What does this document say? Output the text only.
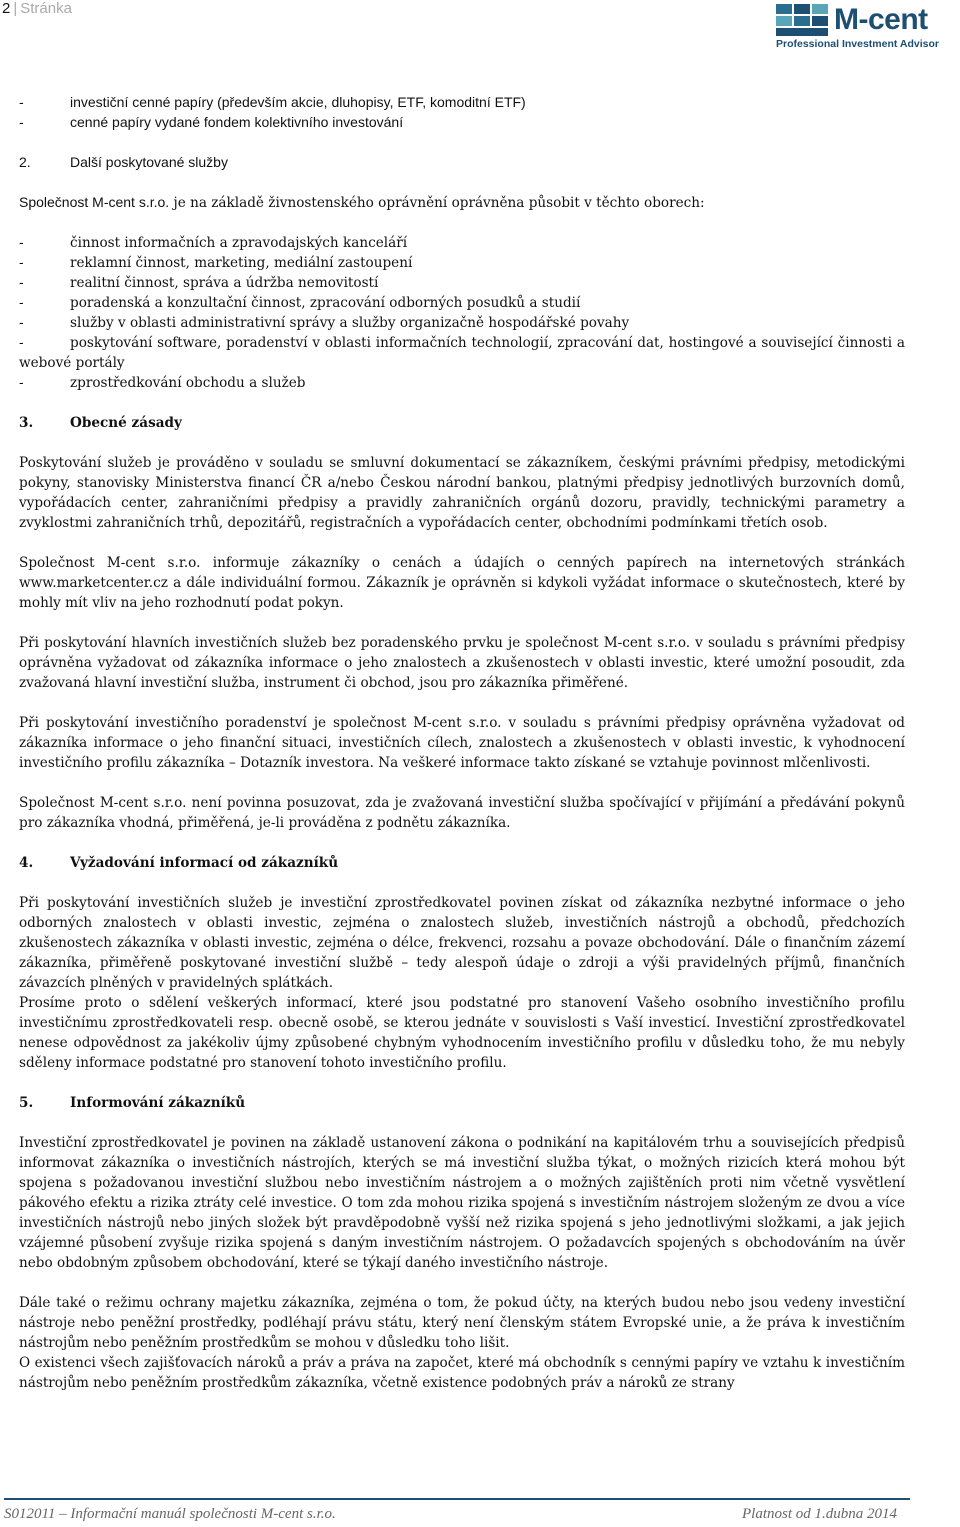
2 | Stránka	M-cent
Professional Investment Advisor
-	investiční cenné papíry (především akcie, dluhopisy, ETF, komoditní ETF)
-	cenné papíry vydané fondem kolektivního investování
2.	Další poskytované služby
Společnost M-cent s.r.o. je na základě živnostenského oprávnění oprávněna působit v těchto oborech:
-	činnost informačních a zpravodajských kanceláří
-	reklamní činnost, marketing, mediální zastoupení
-	realitní činnost, správa a údržba nemovitostí
-	poradenská a konzultační činnost, zpracování odborných posudků a studií
-	služby v oblasti administrativní správy a služby organizačně hospodářské povahy
-	poskytování software, poradenství v oblasti informačních technologií, zpracování dat, hostingové a související činnosti a webové portály
-	zprostředkování obchodu a služeb
3.	Obecné zásady
Poskytování služeb je prováděno v souladu se smluvní dokumentací se zákazníkem, českými právními předpisy, metodickými pokyny, stanovisky Ministerstva financí ČR a/nebo Českou národní bankou, platnými předpisy jednotlivých burzovních domů, vypořádacích center, zahraničními předpisy a pravidly zahraničních orgánů dozoru, pravidly, technickými parametry a zvyklostmi zahraničních trhů, depozitářů, registračních a vypořádacích center, obchodními podmínkami třetích osob.
Společnost M-cent s.r.o. informuje zákazníky o cenách a údajích o cenných papírech na internetových stránkách www.marketcenter.cz a dále individuální formou. Zákazník je oprávněn si kdykoli vyžádat informace o skutečnostech, které by mohly mít vliv na jeho rozhodnutí podat pokyn.
Při poskytování hlavních investičních služeb bez poradenského prvku je společnost M-cent s.r.o. v souladu s právními předpisy oprávněna vyžadovat od zákazníka informace o jeho znalostech a zkušenostech v oblasti investic, které umožní posoudit, zda zvažovaná hlavní investiční služba, instrument či obchod, jsou pro zákazníka přiměřené.
Při poskytování investičního poradenství je společnost M-cent s.r.o. v souladu s právními předpisy oprávněna vyžadovat od zákazníka informace o jeho finanční situaci, investičních cílech, znalostech a zkušenostech v oblasti investic, k vyhodnocení investičního profilu zákazníka – Dotazník investora. Na veškeré informace takto získané se vztahuje povinnost mlčenlivosti.
Společnost M-cent s.r.o. není povinna posuzovat, zda je zvažovaná investiční služba spočívající v přijímání a předávání pokynů pro zákazníka vhodná, přiměřená, je-li prováděna z podnětu zákazníka.
4.	Vyžadování informací od zákazníků
Při poskytování investičních služeb je investiční zprostředkovatel povinen získat od zákazníka nezbytné informace o jeho odborných znalostech v oblasti investic, zejména o znalostech služeb, investičních nástrojů a obchodů, předchozích zkušenostech zákazníka v oblasti investic, zejména o délce, frekvenci, rozsahu a povaze obchodování. Dále o finančním zázemí zákazníka, přiměřeně poskytované investiční službě – tedy alespoň údaje o zdroji a výši pravidelných příjmů, finančních závazcích plněných v pravidelných splátkách.
Prosíme proto o sdělení veškerých informací, které jsou podstatné pro stanovení Vašeho osobního investičního profilu investičnímu zprostředkovateli resp. obecně osobě, se kterou jednáte v souvislosti s Vaší investicí. Investiční zprostředkovatel nenese odpovědnost za jakékoliv újmy způsobené chybným vyhodnocením investičního profilu v důsledku toho, že mu nebyly sděleny informace podstatné pro stanovení tohoto investičního profilu.
5.	Informování zákazníků
Investiční zprostředkovatel je povinen na základě ustanovení zákona o podnikání na kapitálovém trhu a souvisejících předpisů informovat zákazníka o investičních nástrojích, kterých se má investiční služba týkat, o možných rizicích která mohou být spojena s požadovanou investiční službou nebo investičním nástrojem a o možných zajištěních proti nim včetně vysvětlení pákového efektu a rizika ztráty celé investice. O tom zda mohou rizika spojená s investičním nástrojem složeným ze dvou a více investičních nástrojů nebo jiných složek být pravděpodobně vyšší než rizika spojená s jeho jednotlivými složkami, a jak jejich vzájemné působení zvyšuje rizika spojená s daným investičním nástrojem. O požadavcích spojených s obchodováním na úvěr nebo obdobným způsobem obchodování, které se týkají daného investičního nástroje.
Dále také o režimu ochrany majetku zákazníka, zejména o tom, že pokud účty, na kterých budou nebo jsou vedeny investiční nástroje nebo peněžní prostředky, podléhají právu státu, který není členským státem Evropské unie, a že práva k investičním nástrojům nebo peněžním prostředkům se mohou v důsledku toho lišit.
O existenci všech zajišťovacích nároků a práv a práva na započet, které má obchodník s cennými papíry ve vztahu k investičním nástrojům nebo peněžním prostředkům zákazníka, včetně existence podobných práv a nároků ze strany
S012011 – Informační manuál společnosti M-cent s.r.o.	Platnost od 1.dubna 2014
